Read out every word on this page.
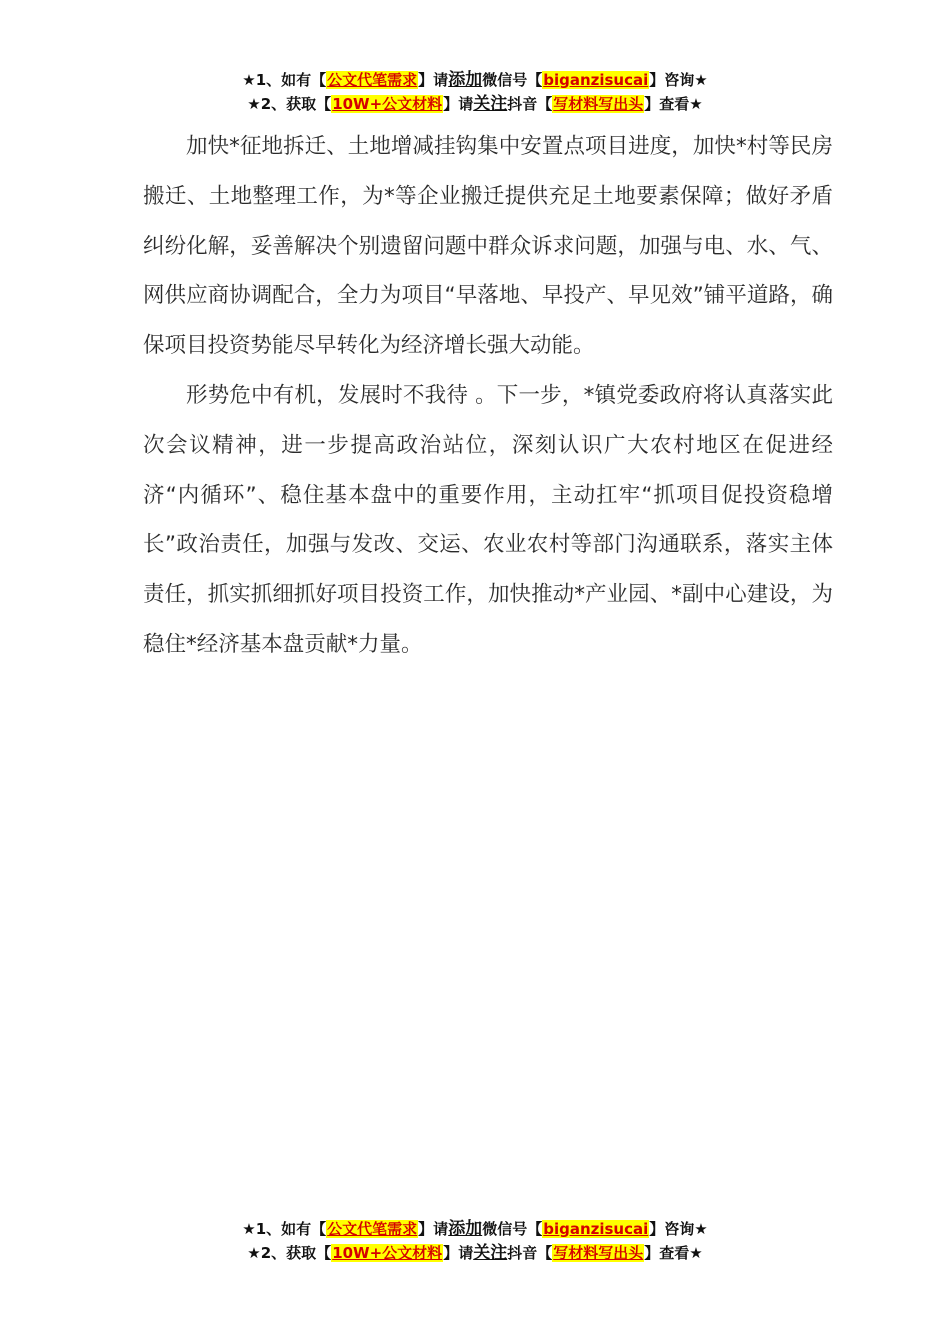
★1、如有【公文代笔需求】请添加微信号【biganzisucai】咨询★
★2、获取【10W+公文材料】请关注抖音【写材料写出头】查看★

加快*征地拆迁、土地增减挂钩集中安置点项目进度，加快*村等民房搬迁、土地整理工作，为*等企业搬迁提供充足土地要素保障；做好矛盾纠纷化解，妥善解决个别遗留问题中群众诉求问题，加强与电、水、气、网供应商协调配合，全力为项目“早落地、早投产、早见效”铺平道路，确保项目投资势能尽早转化为经济增长强大动能。

形势危中有机，发展时不我待 。下一步，*镇党委政府将认真落实此次会议精神，进一步提高政治站位，深刻认识广大农村地区在促进经济“内循环”、稳住基本盘中的重要作用，主动扛牢“抓项目促投资稳增长”政治责任，加强与发改、交运、农业农村等部门沟通联系，落实主体责任，抓实抓细抓好项目投资工作，加快推动*产业园、*副中心建设，为稳住*经济基本盘贡献*力量。

★1、如有【公文代笔需求】请添加微信号【biganzisucai】咨询★
★2、获取【10W+公文材料】请关注抖音【写材料写出头】查看★
